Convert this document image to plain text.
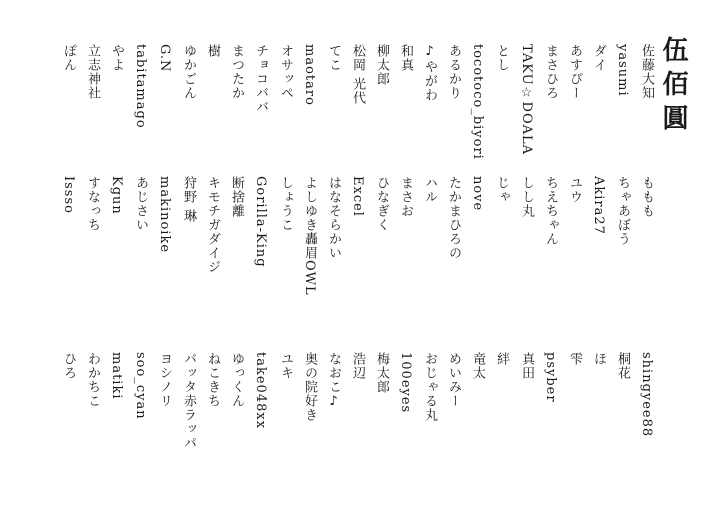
伍佰圓
佐藤大知
ももも
shingyee88
yasumi
ちゃあぼう
桐花
ダイ
Akira27
ほ
あすぴー
ユウ
雫
まさひろ
ちえちゃん
psyber
TAKU☆DOALA
しし丸
真田
とし
じゃ
絆
tocotoco_biyori
nove
竜太
あるかり
たかまひろの
めいみー
♪やがわ
ハル
おじゃる丸
和真
まさお
100eyes
柳太郎
ひなぎく
梅太郎
松岡 光代
Excel
浩辺
てこ
はなそらかい
なおこ♪
maotaro
よしゆき轟眉OWL
奥の院好き
オサッペ
しょうこ
ユキ
チョコババ
Gorilla-King
take048xx
まつたか
断捨離
ゆっくん
樹
キモチガダイジ
ねこきち
ゆかごん
狩野 琳
バッタ赤ラッパ
G.N
makinoike
ヨシノリ
tabitamago
あじさい
soo_cyan
やよ
Kgun
matiki
立志神社
すなっち
わかちこ
ぽん
Issso
ひろ
